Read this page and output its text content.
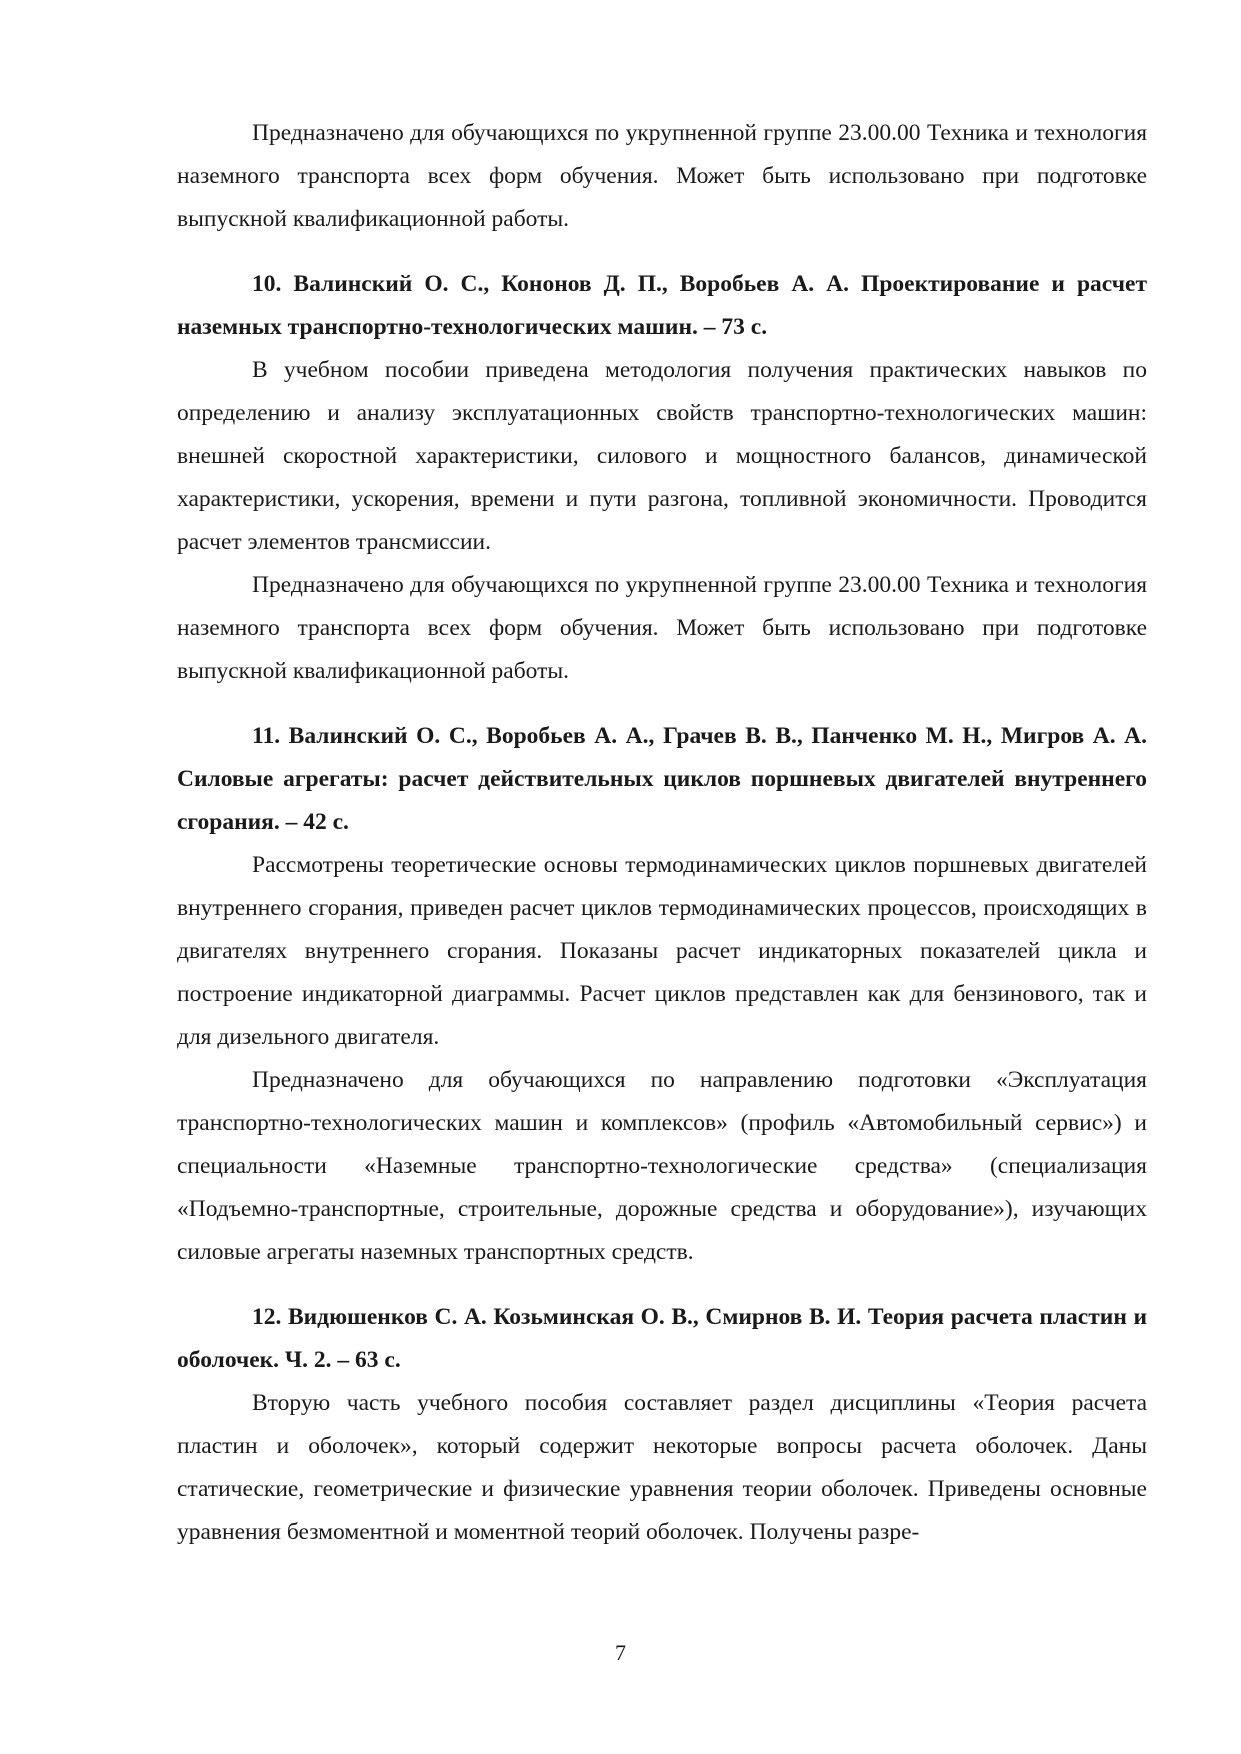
Предназначено для обучающихся по укрупненной группе 23.00.00 Техника и технология наземного транспорта всех форм обучения. Может быть использовано при подготовке выпускной квалификационной работы.

10. Валинский О. С., Кононов Д. П., Воробьев А. А. Проектирование и расчет наземных транспортно-технологических машин. – 73 с.

В учебном пособии приведена методология получения практических навыков по определению и анализу эксплуатационных свойств транспортно-технологических машин: внешней скоростной характеристики, силового и мощностного балансов, динамической характеристики, ускорения, времени и пути разгона, топливной экономичности. Проводится расчет элементов трансмиссии.

Предназначено для обучающихся по укрупненной группе 23.00.00 Техника и технология наземного транспорта всех форм обучения. Может быть использовано при подготовке выпускной квалификационной работы.

11. Валинский О. С., Воробьев А. А., Грачев В. В., Панченко М. Н., Мигров А. А. Силовые агрегаты: расчет действительных циклов поршневых двигателей внутреннего сгорания. – 42 с.

Рассмотрены теоретические основы термодинамических циклов поршневых двигателей внутреннего сгорания, приведен расчет циклов термодинамических процессов, происходящих в двигателях внутреннего сгорания. Показаны расчет индикаторных показателей цикла и построение индикаторной диаграммы. Расчет циклов представлен как для бензинового, так и для дизельного двигателя.

Предназначено для обучающихся по направлению подготовки «Эксплуатация транспортно-технологических машин и комплексов» (профиль «Автомобильный сервис») и специальности «Наземные транспортно-технологические средства» (специализация «Подъемно-транспортные, строительные, дорожные средства и оборудование»), изучающих силовые агрегаты наземных транспортных средств.

12. Видюшенков С. А. Козьминская О. В., Смирнов В. И. Теория расчета пластин и оболочек. Ч. 2. – 63 с.

Вторую часть учебного пособия составляет раздел дисциплины «Теория расчета пластин и оболочек», который содержит некоторые вопросы расчета оболочек. Даны статические, геометрические и физические уравнения теории оболочек. Приведены основные уравнения безмоментной и моментной теорий оболочек. Получены разре-

7
